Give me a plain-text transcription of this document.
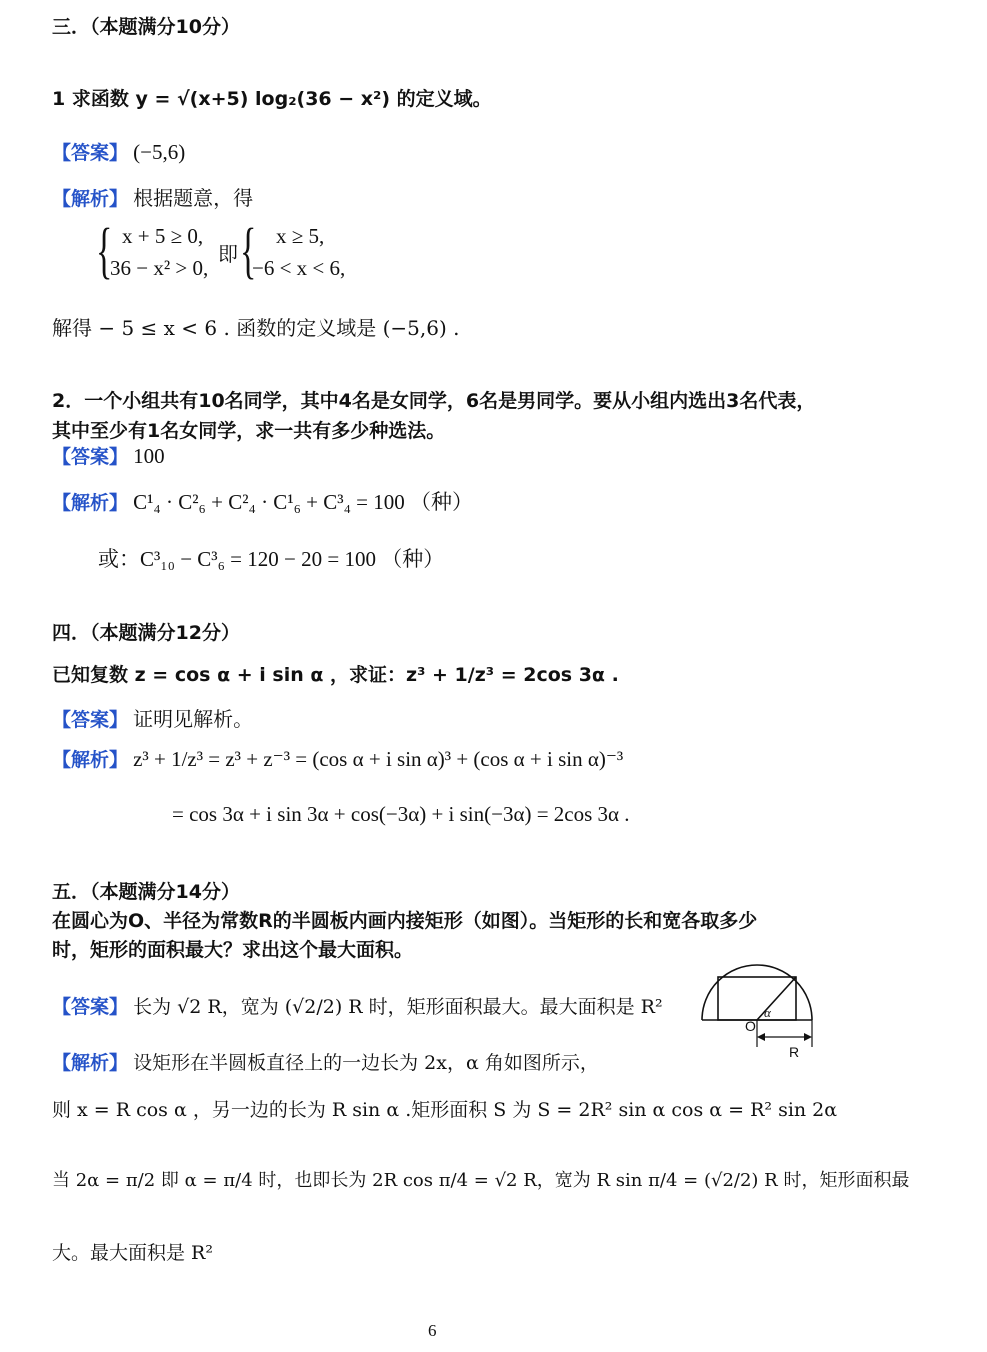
三．（本题满分10分）
1 求函数 y = √(x+5) log₂(36 − x²) 的定义域。
【答案】 (−5,6)
【解析】 根据题意，得
{ x + 5 ≥ 0,
36 − x² > 0,
即 { x ≥ 5,
−6 < x < 6,
解得 − 5 ≤ x < 6 . 函数的定义域是 (−5,6) .
2．一个小组共有10名同学，其中4名是女同学，6名是男同学。要从小组内选出3名代表，
其中至少有1名女同学，求一共有多少种选法。
【答案】 100
【解析】 C¹₄ · C²₆ + C²₄ · C¹₆ + C³₄ = 100 （种）
或：C³₁₀ − C³₆ = 120 − 20 = 100 （种）
四．（本题满分12分）
已知复数 z = cos α + i sin α ，求证：z³ + 1/z³ = 2cos 3α .
【答案】 证明见解析。
【解析】 z³ + 1/z³ = z³ + z⁻³ = (cos α + i sin α)³ + (cos α + i sin α)⁻³
= cos 3α + i sin 3α + cos(−3α) + i sin(−3α) = 2cos 3α .
五．（本题满分14分）
在圆心为O、半径为常数R的半圆板内画内接矩形（如图）。当矩形的长和宽各取多少
时，矩形的面积最大？求出这个最大面积。
【答案】 长为 √2 R，宽为 (√2/2) R 时，矩形面积最大。最大面积是 R²
O
α
R
【解析】 设矩形在半圆板直径上的一边长为 2x，α 角如图所示，
则 x = R cos α ，另一边的长为 R sin α .矩形面积 S 为 S = 2R² sin α cos α = R² sin 2α
当 2α = π/2 即 α = π/4 时，也即长为 2R cos π/4 = √2 R，宽为 R sin π/4 = (√2/2) R 时，矩形面积最
大。最大面积是 R²
6
